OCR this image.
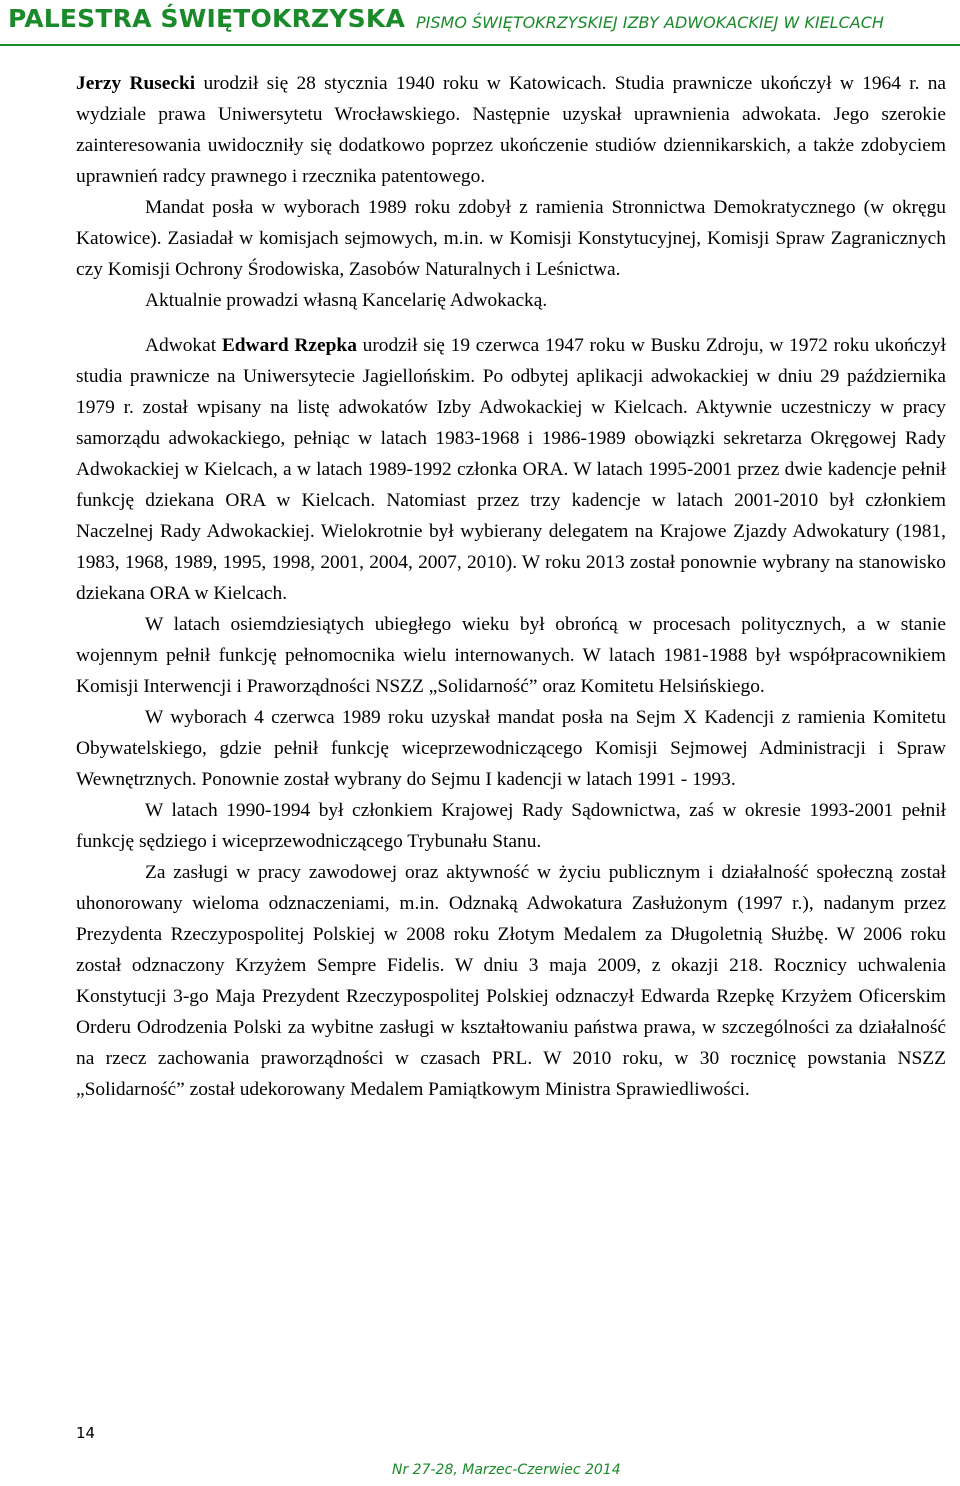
PALESTRA ŚWIĘTOKRZYSKA PISMO ŚWIĘTOKRZYSKIEJ IZBY ADWOKACKIEJ W KIELCACH

Jerzy Rusecki urodził się 28 stycznia 1940 roku w Katowicach. Studia prawnicze ukończył w 1964 r. na wydziale prawa Uniwersytetu Wrocławskiego. Następnie uzyskał uprawnienia adwokata. Jego szerokie zainteresowania uwidoczniły się dodatkowo poprzez ukończenie studiów dziennikarskich, a także zdobyciem uprawnień radcy prawnego i rzecznika patentowego.

Mandat posła w wyborach 1989 roku zdobył z ramienia Stronnictwa Demokratycznego (w okręgu Katowice). Zasiadał w komisjach sejmowych, m.in. w Komisji Konstytucyjnej, Komisji Spraw Zagranicznych czy Komisji Ochrony Środowiska, Zasobów Naturalnych i Leśnictwa.

Aktualnie prowadzi własną Kancelarię Adwokacką.

Adwokat Edward Rzepka urodził się 19 czerwca 1947 roku w Busku Zdroju, w 1972 roku ukończył studia prawnicze na Uniwersytecie Jagiellońskim. Po odbytej aplikacji adwokackiej w dniu 29 października 1979 r. został wpisany na listę adwokatów Izby Adwokackiej w Kielcach. Aktywnie uczestniczy w pracy samorządu adwokackiego, pełniąc w latach 1983-1968 i 1986-1989 obowiązki sekretarza Okręgowej Rady Adwokackiej w Kielcach, a w latach 1989-1992 członka ORA. W latach 1995-2001 przez dwie kadencje pełnił funkcję dziekana ORA w Kielcach. Natomiast przez trzy kadencje w latach 2001-2010 był członkiem Naczelnej Rady Adwokackiej. Wielokrotnie był wybierany delegatem na Krajowe Zjazdy Adwokatury (1981, 1983, 1968, 1989, 1995, 1998, 2001, 2004, 2007, 2010). W roku 2013 został ponownie wybrany na stanowisko dziekana ORA w Kielcach.

W latach osiemdziesiątych ubiegłego wieku był obrońcą w procesach politycznych, a w stanie wojennym pełnił funkcję pełnomocnika wielu internowanych. W latach 1981-1988 był współpracownikiem Komisji Interwencji i Praworządności NSZZ „Solidarność” oraz Komitetu Helsińskiego.

W wyborach 4 czerwca 1989 roku uzyskał mandat posła na Sejm X Kadencji z ramienia Komitetu Obywatelskiego, gdzie pełnił funkcję wiceprzewodniczącego Komisji Sejmowej Administracji i Spraw Wewnętrznych. Ponownie został wybrany do Sejmu I kadencji w latach 1991 - 1993.

W latach 1990-1994 był członkiem Krajowej Rady Sądownictwa, zaś w okresie 1993-2001 pełnił funkcję sędziego i wiceprzewodniczącego Trybunału Stanu.

Za zasługi w pracy zawodowej oraz aktywność w życiu publicznym i działalność społeczną został uhonorowany wieloma odznaczeniami, m.in. Odznaką Adwokatura Zasłużonym (1997 r.), nadanym przez Prezydenta Rzeczypospolitej Polskiej w 2008 roku Złotym Medalem za Długoletnią Służbę. W 2006 roku został odznaczony Krzyżem Sempre Fidelis. W dniu 3 maja 2009, z okazji 218. Rocznicy uchwalenia Konstytucji 3-go Maja Prezydent Rzeczypospolitej Polskiej odznaczył Edwarda Rzepkę Krzyżem Oficerskim Orderu Odrodzenia Polski za wybitne zasługi w kształtowaniu państwa prawa, w szczególności za działalność na rzecz zachowania praworządności w czasach PRL. W 2010 roku, w 30 rocznicę powstania NSZZ „Solidarność” został udekorowany Medalem Pamiątkowym Ministra Sprawiedliwości.

14
Nr 27-28, Marzec-Czerwiec 2014
